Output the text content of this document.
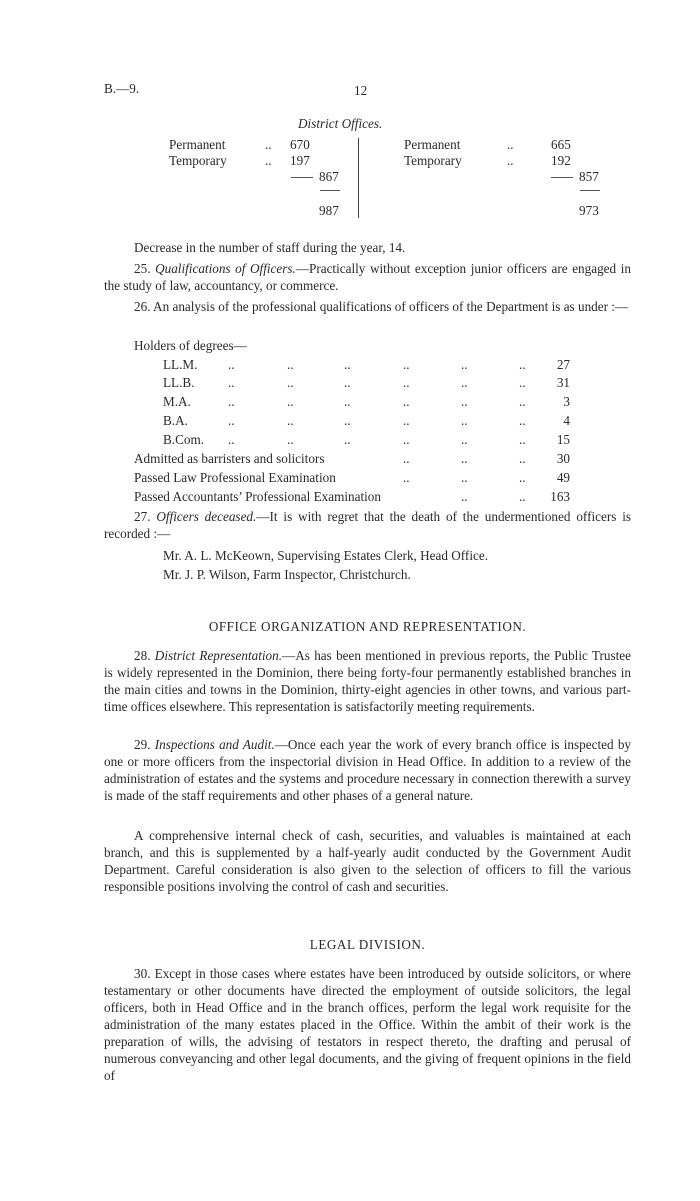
B.—9.	12
District Offices.
Permanent	.. 670
Temporary	.. 197
867
987
Permanent	..	665
Temporary	..	192
857
973
Decrease in the number of staff during the year, 14.
25. Qualifications of Officers.—Practically without exception junior officers are engaged in the study of law, accountancy, or commerce.
26. An analysis of the professional qualifications of officers of the Department is as under :—
Holders of degrees—
LL.M. ..	..	..	..	..	.. 27
LL.B.	..	..	..	..	..	.. 31
M.A.	..	..	..	..	..	..	3
B.A.	..	..	..	..	..	..	4
B.Com. ..	..	..	..	..	.. 15
Admitted as barristers and solicitors	..	..	.. 30
Passed Law Professional Examination	..	..	.. 49
Passed Accountants’ Professional Examination	..	.. 163
27. Officers deceased.—It is with regret that the death of the undermentioned officers is recorded :—
Mr. A. L. McKeown, Supervising Estates Clerk, Head Office.
Mr. J. P. Wilson, Farm Inspector, Christchurch.
OFFICE ORGANIZATION AND REPRESENTATION.
28. District Representation.—As has been mentioned in previous reports, the Public Trustee is widely represented in the Dominion, there being forty-four permanently established branches in the main cities and towns in the Dominion, thirty-eight agencies in other towns, and various part-time offices elsewhere. This representation is satisfactorily meeting requirements.
29. Inspections and Audit.—Once each year the work of every branch office is inspected by one or more officers from the inspectorial division in Head Office. In addition to a review of the administration of estates and the systems and procedure necessary in connection therewith a survey is made of the staff requirements and other phases of a general nature.
A comprehensive internal check of cash, securities, and valuables is maintained at each branch, and this is supplemented by a half-yearly audit conducted by the Government Audit Department. Careful consideration is also given to the selection of officers to fill the various responsible positions involving the control of cash and securities.
LEGAL DIVISION.
30. Except in those cases where estates have been introduced by outside solicitors, or where testamentary or other documents have directed the employment of outside solicitors, the legal officers, both in Head Office and in the branch offices, perform the legal work requisite for the administration of the many estates placed in the Office. Within the ambit of their work is the preparation of wills, the advising of testators in respect thereto, the drafting and perusal of numerous conveyancing and other legal documents, and the giving of frequent opinions in the field of
